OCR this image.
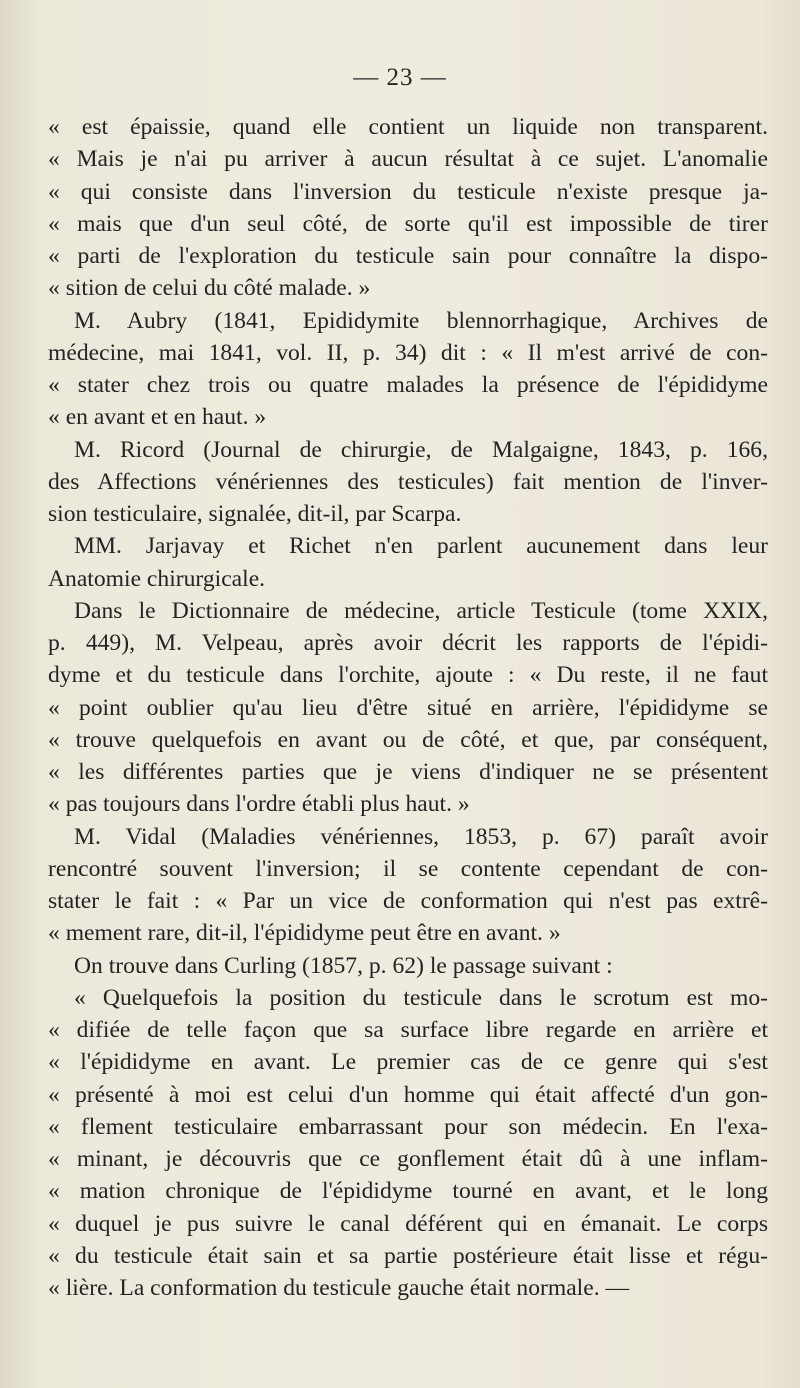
— 23 —
« est épaissie, quand elle contient un liquide non transparent.
« Mais je n'ai pu arriver à aucun résultat à ce sujet. L'anomalie
« qui consiste dans l'inversion du testicule n'existe presque ja-
« mais que d'un seul côté, de sorte qu'il est impossible de tirer
« parti de l'exploration du testicule sain pour connaître la dispo-
« sition de celui du côté malade. »
M. Aubry (1841, Epididymite blennorrhagique, Archives de
médecine, mai 1841, vol. II, p. 34) dit : « Il m'est arrivé de con-
« stater chez trois ou quatre malades la présence de l'épididyme
« en avant et en haut. »
M. Ricord (Journal de chirurgie, de Malgaigne, 1843, p. 166,
des Affections vénériennes des testicules) fait mention de l'inver-
sion testiculaire, signalée, dit-il, par Scarpa.
MM. Jarjavay et Richet n'en parlent aucunement dans leur
Anatomie chirurgicale.
Dans le Dictionnaire de médecine, article Testicule (tome XXIX,
p. 449), M. Velpeau, après avoir décrit les rapports de l'épidi-
dyme et du testicule dans l'orchite, ajoute : « Du reste, il ne faut
« point oublier qu'au lieu d'être situé en arrière, l'épididyme se
« trouve quelquefois en avant ou de côté, et que, par conséquent,
« les différentes parties que je viens d'indiquer ne se présentent
« pas toujours dans l'ordre établi plus haut. »
M. Vidal (Maladies vénériennes, 1853, p. 67) paraît avoir
rencontré souvent l'inversion; il se contente cependant de con-
stater le fait : « Par un vice de conformation qui n'est pas extrê-
« mement rare, dit-il, l'épididyme peut être en avant. »
On trouve dans Curling (1857, p. 62) le passage suivant :
« Quelquefois la position du testicule dans le scrotum est mo-
« difiée de telle façon que sa surface libre regarde en arrière et
« l'épididyme en avant. Le premier cas de ce genre qui s'est
« présenté à moi est celui d'un homme qui était affecté d'un gon-
« flement testiculaire embarrassant pour son médecin. En l'exa-
« minant, je découvris que ce gonflement était dû à une inflam-
« mation chronique de l'épididyme tourné en avant, et le long
« duquel je pus suivre le canal déférent qui en émanait. Le corps
« du testicule était sain et sa partie postérieure était lisse et régu-
« lière. La conformation du testicule gauche était normale. —
